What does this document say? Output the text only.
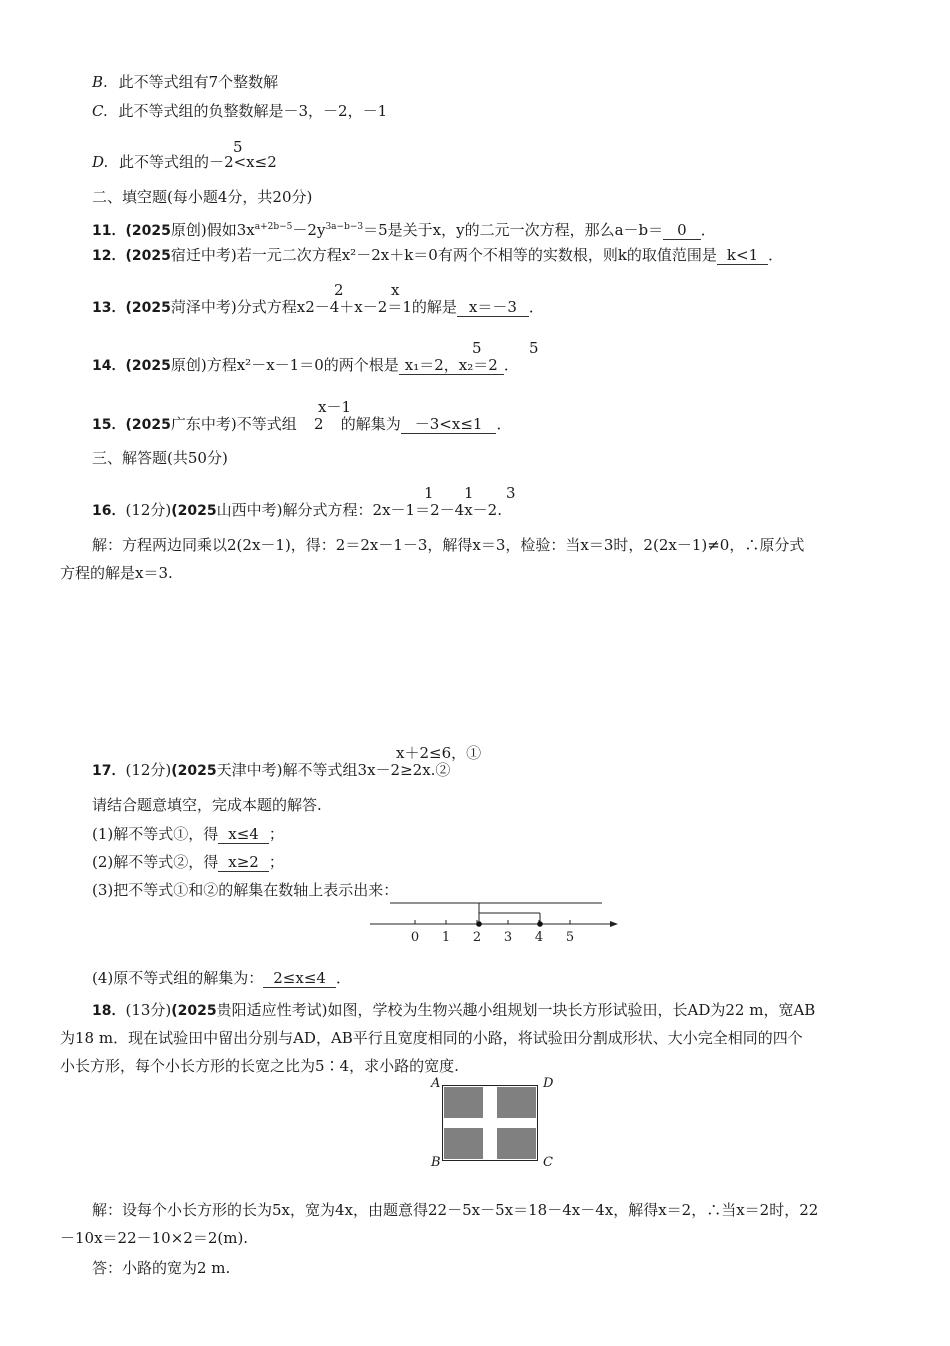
B. 此不等式组有7个整数解
C. 此不等式组的负整数解是－3，－2，－1
5
D. 此不等式组的－2<x≤2
二、填空题(每小题4分，共20分)
11．(2025原创)假如$3x^{a+2b-5}-2y^{3a-b-3}=5$是关于x，y的二元一次方程，那么a－b＝ 0 ．
12．(2025宿迁中考)若一元二次方程x²－2x＋k＝0有两个不相等的实数根，则k的取值范围是 k<1 ．
2	x
13．(2025菏泽中考)分式方程x2－4＋x－2＝1的解是 x＝－3 ．
5	5
14．(2025原创)方程x²－x－1＝0的两个根是 x₁＝2，x₂＝2 ．
x－1
15．(2025广东中考)不等式组 2 的解集为 －3<x≤1 ．
三、解答题(共50分)
1 1 3
16．(12分)(2025山西中考)解分式方程：2x－1＝2－4x－2.
解：方程两边同乘以2(2x－1)，得：2＝2x－1－3，解得x＝3，检验：当x＝3时，2(2x－1)≠0，∴原分式
方程的解是x＝3.
x＋2≤6，①
17．(12分)(2025天津中考)解不等式组3x－2≥2x.②
请结合题意填空，完成本题的解答.
(1)解不等式①，得 x≤4 ；
(2)解不等式②，得 x≥2 ；
(3)把不等式①和②的解集在数轴上表示出来：
0 1 2 3 4 5
(4)原不等式组的解集为： 2≤x≤4 ．
18．(13分)(2025贵阳适应性考试)如图，学校为生物兴趣小组规划一块长方形试验田，长AD为22 m，宽AB
为18 m．现在试验田中留出分别与AD，AB平行且宽度相同的小路，将试验田分割成形状、大小完全相同的四个
小长方形，每个小长方形的长宽之比为5∶4，求小路的宽度.
A	D
B	C
解：设每个小长方形的长为5x，宽为4x，由题意得22－5x－5x＝18－4x－4x，解得x＝2，∴当x＝2时，22
－10x＝22－10×2＝2(m).
答：小路的宽为2 m.
